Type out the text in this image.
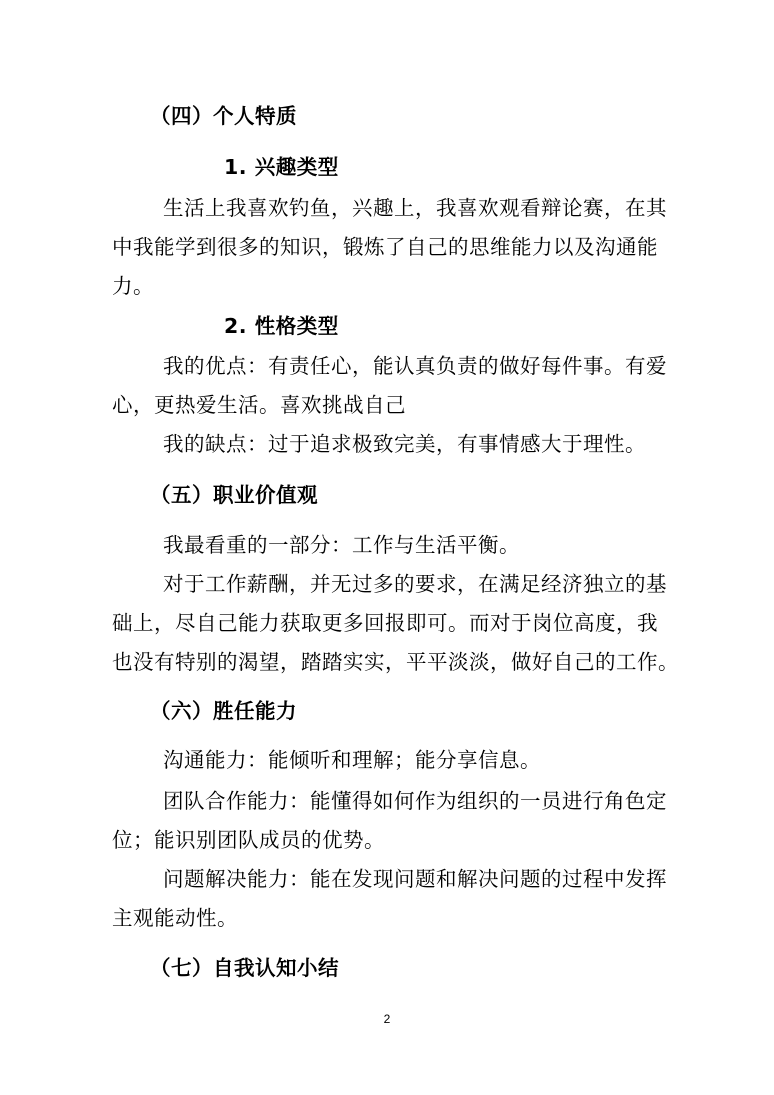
（四）个人特质
1. 兴趣类型
生活上我喜欢钓鱼，兴趣上，我喜欢观看辩论赛，在其
中我能学到很多的知识，锻炼了自己的思维能力以及沟通能
力。
2. 性格类型
我的优点：有责任心，能认真负责的做好每件事。有爱
心，更热爱生活。喜欢挑战自己
我的缺点：过于追求极致完美，有事情感大于理性。
（五）职业价值观
我最看重的一部分：工作与生活平衡。
对于工作薪酬，并无过多的要求，在满足经济独立的基
础上，尽自己能力获取更多回报即可。而对于岗位高度，我
也没有特别的渴望，踏踏实实，平平淡淡，做好自己的工作。
（六）胜任能力
沟通能力：能倾听和理解；能分享信息。
团队合作能力：能懂得如何作为组织的一员进行角色定
位；能识别团队成员的优势。
问题解决能力：能在发现问题和解决问题的过程中发挥
主观能动性。
（七）自我认知小结
2
